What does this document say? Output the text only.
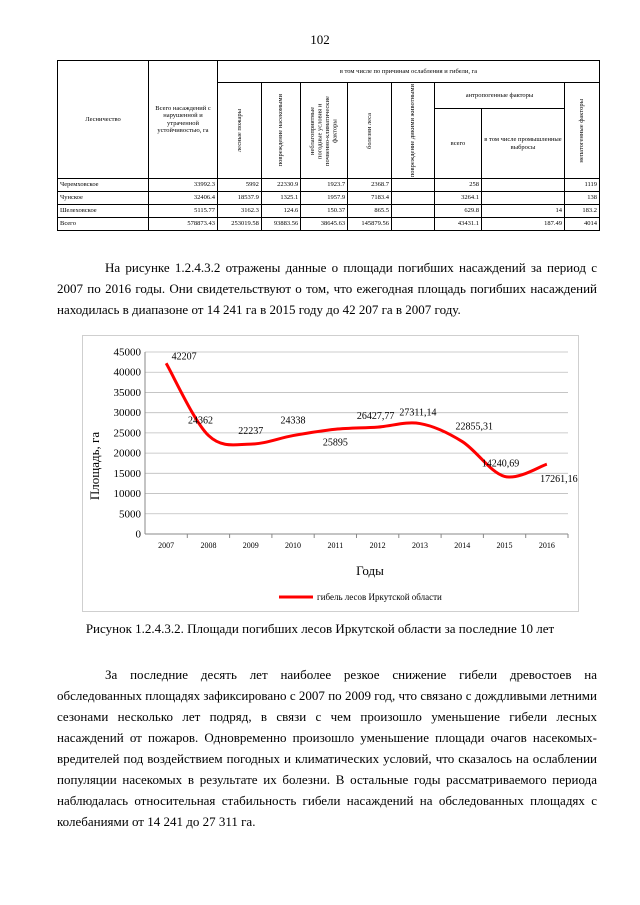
102
Лесничество	Всего насаждений с нарушенной и утраченной устойчивостью, га	в том числе по причинам ослабления и гибели, га							

		лесные пожары	повреждение насекомыми	неблагоприятные погодные условия и почвенно-климатические факторы	болезни леса	повреждение дикими животными	антропогенные факторы		непатогенные факторы

							всего	в том числе промышленные выбросы	
Черемховское	33992.3	5992	22330.9	1923.7	2368.7		258		1119
Чунское	32406.4	18537.9	1325.1	1957.9	7183.4		3264.1		138
Шелеховское	5115.77	3162.3	124.6	150.37	865.5		629.8	14	183.2
Всего	578873.43	253019.58	93883.56	38645.63	145879.56		43431.1	187.49	4014

На рисунке 1.2.4.3.2 отражены данные о площади погибших насаждений за период с 2007 по 2016 годы. Они свидетельствуют о том, что ежегодная площадь погибших насаждений находилась в диапазоне от 14 241 га в 2015 году до 42 207 га в 2007 году.

0
5000
10000
15000
20000
25000
30000
35000
40000
45000
2007	2008	2009	2010	2011	2012	2013	2014	2015	2016
42207
24362
22237
24338
25895
26427,77 27311,14
22855,31
14240,69
17261,16
Площадь, га
Годы
гибель лесов Иркутской области
Рисунок 1.2.4.3.2. Площади погибших лесов Иркутской области за последние 10 лет

За последние десять лет наиболее резкое снижение гибели древостоев на обследованных площадях зафиксировано с 2007 по 2009 год, что связано с дождливыми летними сезонами несколько лет подряд, в связи с чем произошло уменьшение гибели лесных насаждений от пожаров. Одновременно произошло уменьшение площади очагов насекомых-вредителей под воздействием погодных и климатических условий, что сказалось на ослаблении популяции насекомых в результате их болезни. В остальные годы рассматриваемого периода наблюдалась относительная стабильность гибели насаждений на обследованных площадях с колебаниями от 14 241 до 27 311 га.
